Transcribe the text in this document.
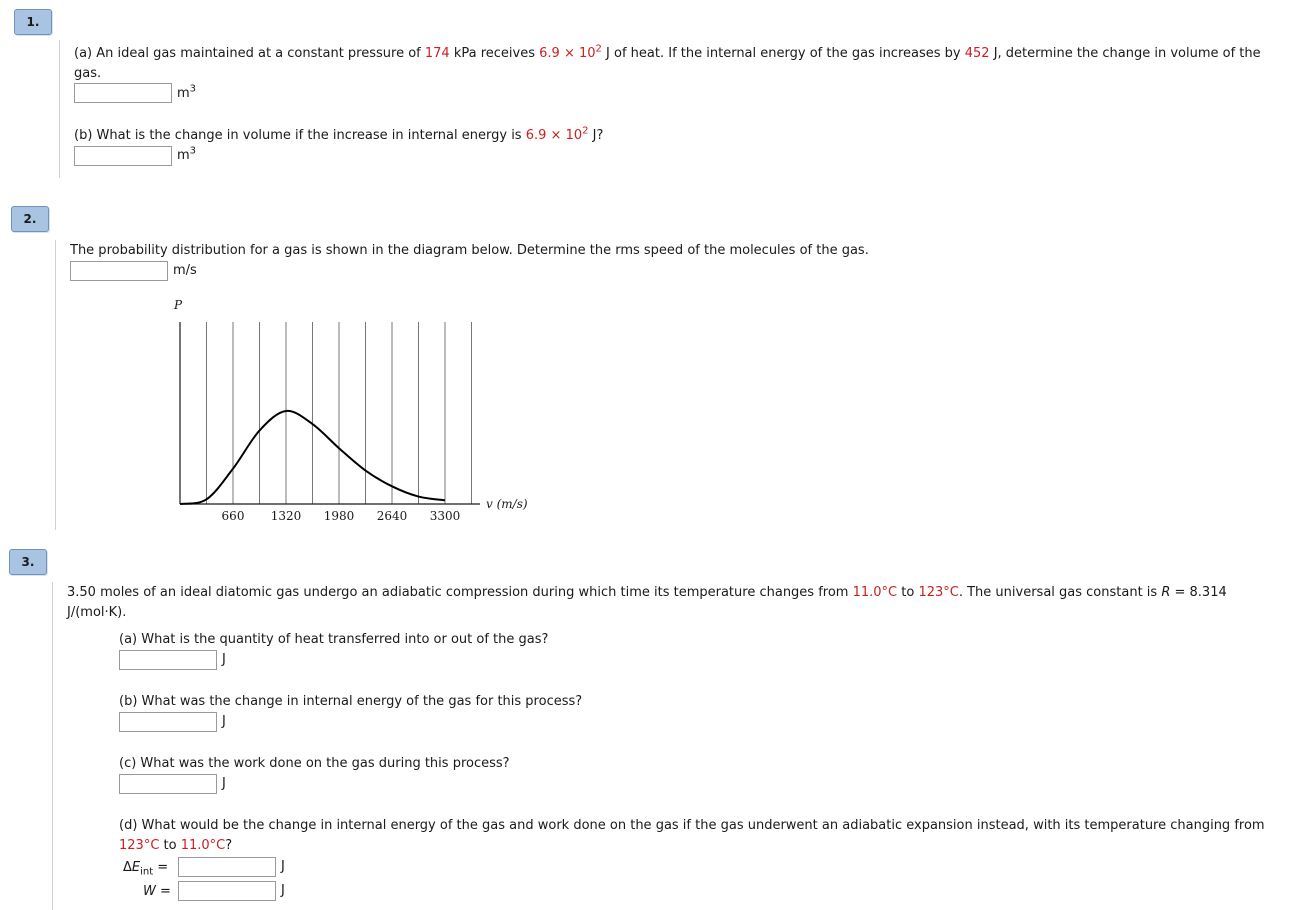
1.
(a) An ideal gas maintained at a constant pressure of 174 kPa receives $6.9 \times 10^2$ J of heat. If the internal energy of the gas increases by 452 J, determine the change in volume of the
gas.
$m^3$
(b) What is the change in volume if the increase in internal energy is $6.9 \times 10^2$ J?
$m^3$
2.
The probability distribution for a gas is shown in the diagram below. Determine the rms speed of the molecules of the gas.
m/s
660 1320 1980 2640 3300
P
v (m/s)
3.
3.50 moles of an ideal diatomic gas undergo an adiabatic compression during which time its temperature changes from 11.0°C to 123°C. The universal gas constant is R = 8.314
J/(mol·K).
(a) What is the quantity of heat transferred into or out of the gas?
J
(b) What was the change in internal energy of the gas for this process?
J
(c) What was the work done on the gas during this process?
J
(d) What would be the change in internal energy of the gas and work done on the gas if the gas underwent an adiabatic expansion instead, with its temperature changing from
123°C to 11.0°C?
$\Delta E_{int}$ =	J
W =	J
